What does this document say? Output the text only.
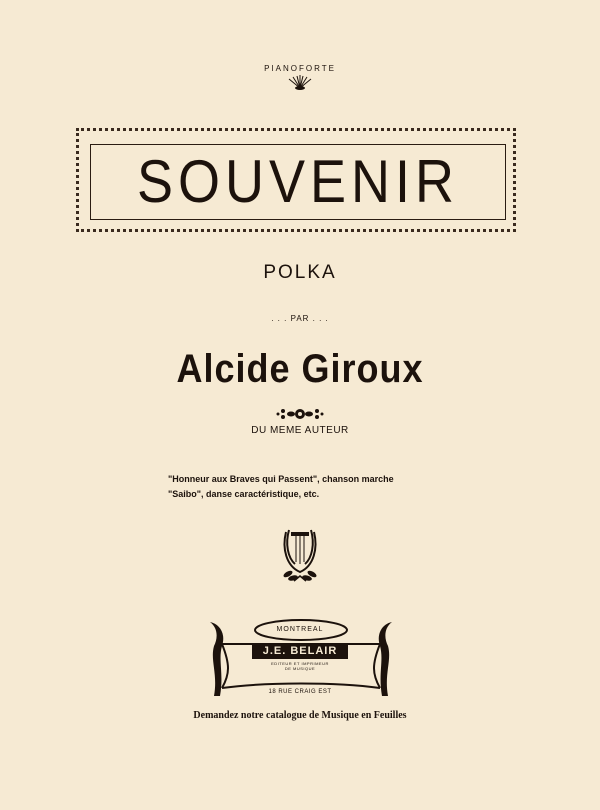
PIANOFORTE
SOUVENIR
POLKA
. . . PAR . . .
Alcide Giroux
DU MEME AUTEUR
"Honneur aux Braves qui Passent", chanson marche
"Saibo", danse caractéristique, etc.
MONTREAL
J.E. BELAIR
EDITEUR ET IMPRIMEUR DE MUSIQUE
18 RUE CRAIG EST
Demandez notre catalogue de Musique en Feuilles
